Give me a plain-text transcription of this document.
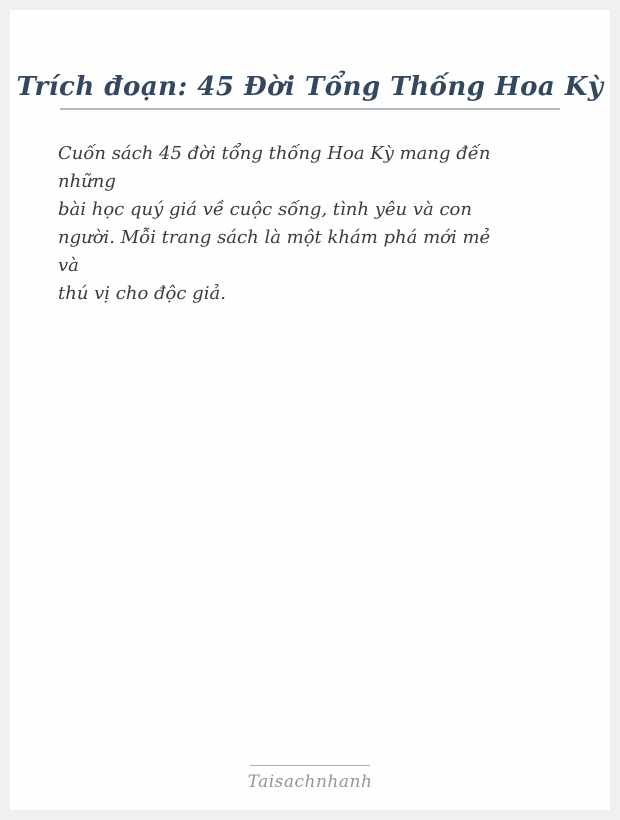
Trích đoạn: 45 Đời Tổng Thống Hoa Kỳ
Cuốn sách 45 đời tổng thống Hoa Kỳ mang đến
những
bài học quý giá về cuộc sống, tình yêu và con
người. Mỗi trang sách là một khám phá mới mẻ
và
thú vị cho độc giả.
Taisachnhanh
